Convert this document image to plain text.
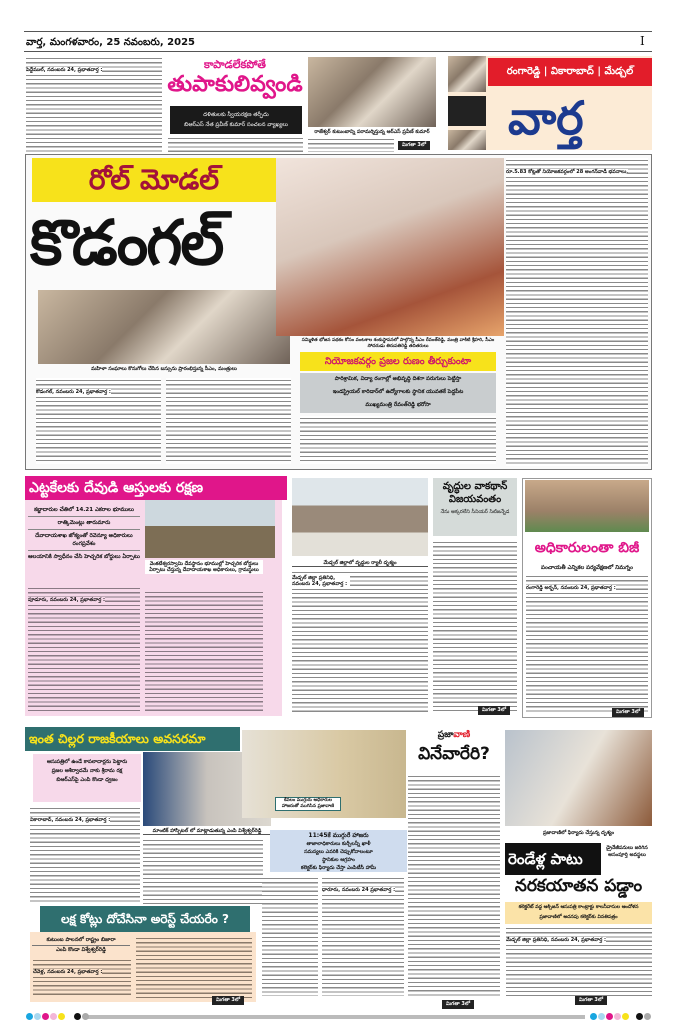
వార్త, మంగళవారం, 25 నవంబరు, 2025	I
పెద్దేముల్, నవంబరు 24, ప్రభాతవార్త :	కాపాడలేకపోతే
తుపాకులివ్వండి
దళితులకు స్వీయరక్షణ తర్ఫీదు
బిఆర్ఎస్ నేత ప్రవీణ్ కుమార్ సంచలన వ్యాఖ్యలు
రాజేశ్వర్ కుటుంబాన్ని పరామర్శిస్తున్న ఆర్ఎస్ ప్రవీణ్ కుమార్
మిగతా 3లో
రంగారెడ్డి | వికారాబాద్ | మేడ్చల్
వార్త
రోల్ మోడల్
కొడంగల్
మహిళా సంఘాలు కొనుగోలు చేసిన బస్సును ప్రారంభిస్తున్న సీఎం, మంత్రులు
కొడంగల్, నవంబరు 24, ప్రభాతవార్త :
సమ్మిళిత భోజన పథకం కోసం వంటశాల శంకుస్థాపనలో పాల్గొన్న సీఎం రేవంత్‌రెడ్డి, మంత్రి వాకిటి శ్రీహరి, సీఎం సోదరుడు తిరుపతిరెడ్డి తదితరులు
నియోజకవర్గం ప్రజల రుణం తీర్చుకుంటా
పారిశ్రామిక, విద్యా రంగాల్లో అభివృద్ధి దిశగా పరుగులు పెట్టిస్తా
ఇండస్ట్రియల్ కారిడార్‌లో ఉద్యోగాలకు స్థానిక యువతకే పెద్దపీట
ముఖ్యమంత్రి రేవంత్‌రెడ్డి భరోసా
రూ.5.83 కోట్లతో నియోజకవర్గంలో 28 అంగన్‌వాడీ భవనాలు,
ఎట్టకేలకు దేవుడి ఆస్తులకు రక్షణ
కబ్జాదారుల చేతిలో 14.21 ఎకరాల భూములు
రాత్కిమెంట్లు తారుమారు
దేవాదాయశాఖ జోక్యంతో రెవెన్యూ అధికారులు రంగప్రవేశం
ఆలయానికి స్వాధీనం చేసి హెచ్చరిక బోర్డులు ఏర్పాటు
వెంకటేశ్వరస్వామి దేవస్థానం భూముల్లో హెచ్చరిక బోర్డులు ఏర్పాటు చేస్తున్న దేవాదాయశాఖ అధికారులు, గ్రామస్థులు
పూడూరు, నవంబరు 24, ప్రభాతవార్త :
మేడ్చల్ జిల్లాలో వృద్ధుల ర్యాలీ దృశ్యం
మేడ్చల్ జిల్లా ప్రతినిధి, నవంబరు 24, ప్రభాతవార్త :
వృద్ధుల వాకథాన్ విజయవంతం
నేను అక్కరలేని సీనియర్ సిటిజన్నేడ
మిగతా 3లో
అధికారులంతా బిజీ
పంచాయతీ ఎన్నికల పర్యవేక్షణలో నిమగ్నం
రంగారెడ్డి అర్బన్, నవంబరు 24, ప్రభాతవార్త :
మిగతా 3లో
ఇంత చిల్లర రాజకీయాలు అవసరమా
ఆసుపత్రిలో ఉండే కాపలాదార్లను పెట్టారు
ప్రజల ఆశీర్వాదమే నాకు శ్రీరామ రక్ష
బిఆర్ఎస్‌పై ఎంపి కొండా ధ్వజం
మాంటిక్ హాస్పిటల్ లో మాట్లాడుతున్న ఎంపి విశ్వేశ్వర్‌రెడ్డి
వికారాబాద్, నవంబరు 24, ప్రభాతవార్త :
కేవలం ముగ్గురు అధికారుల హాజరుతో ముగిసిన ప్రజావాణి
11:45కే ముగ్గురే హాజరు
తాజాలాధికారులు కుర్చీలన్నీ ఖాళీ
సమస్యలు ఎవరికి చెప్పుకోవాలంటూ
స్థానికుల ఆగ్రహం
కలెక్టర్‌కు ఫిర్యాదు చేస్తా ఎంపిటీసీ హామీ
ధారూరు, నవంబరు 24 ప్రభాతవార్త :
ప్రజావాణి
వినేవారేరి?
మిగతా 3లో
ప్రజావాణిలో ఫిర్యాదు చేస్తున్న దృశ్యం
రెండేళ్ల పాటు
డ్రైనేజీపనులు జరిగిన అసంపూర్తి అవస్థలు
నరకయాతన పడ్డాం
కలెక్టరేట్ వద్ద ఆక్సిజన్ ఆసుపత్రి కాంట్రాక్టు కాలనీవాసుల ఆందోళన
ప్రజావాణిలో అదనపు కలెక్టర్‌కు వినతిపత్రం
మేడ్చల్ జిల్లా ప్రతినిధి, నవంబరు 24, ప్రభాతవార్త :
మిగతా 3లో
లక్ష కోట్లు దోచేసినా అరెస్ట్ చేయరేం ?
కుటుంబ పాలనలో రాష్ట్రం బిజారా
ఎంపి కొండా విశ్వేశ్వర్‌రెడ్డి
చేవెళ్ల, నవంబరు 24, ప్రభాతవార్త :
మిగతా 3లో
